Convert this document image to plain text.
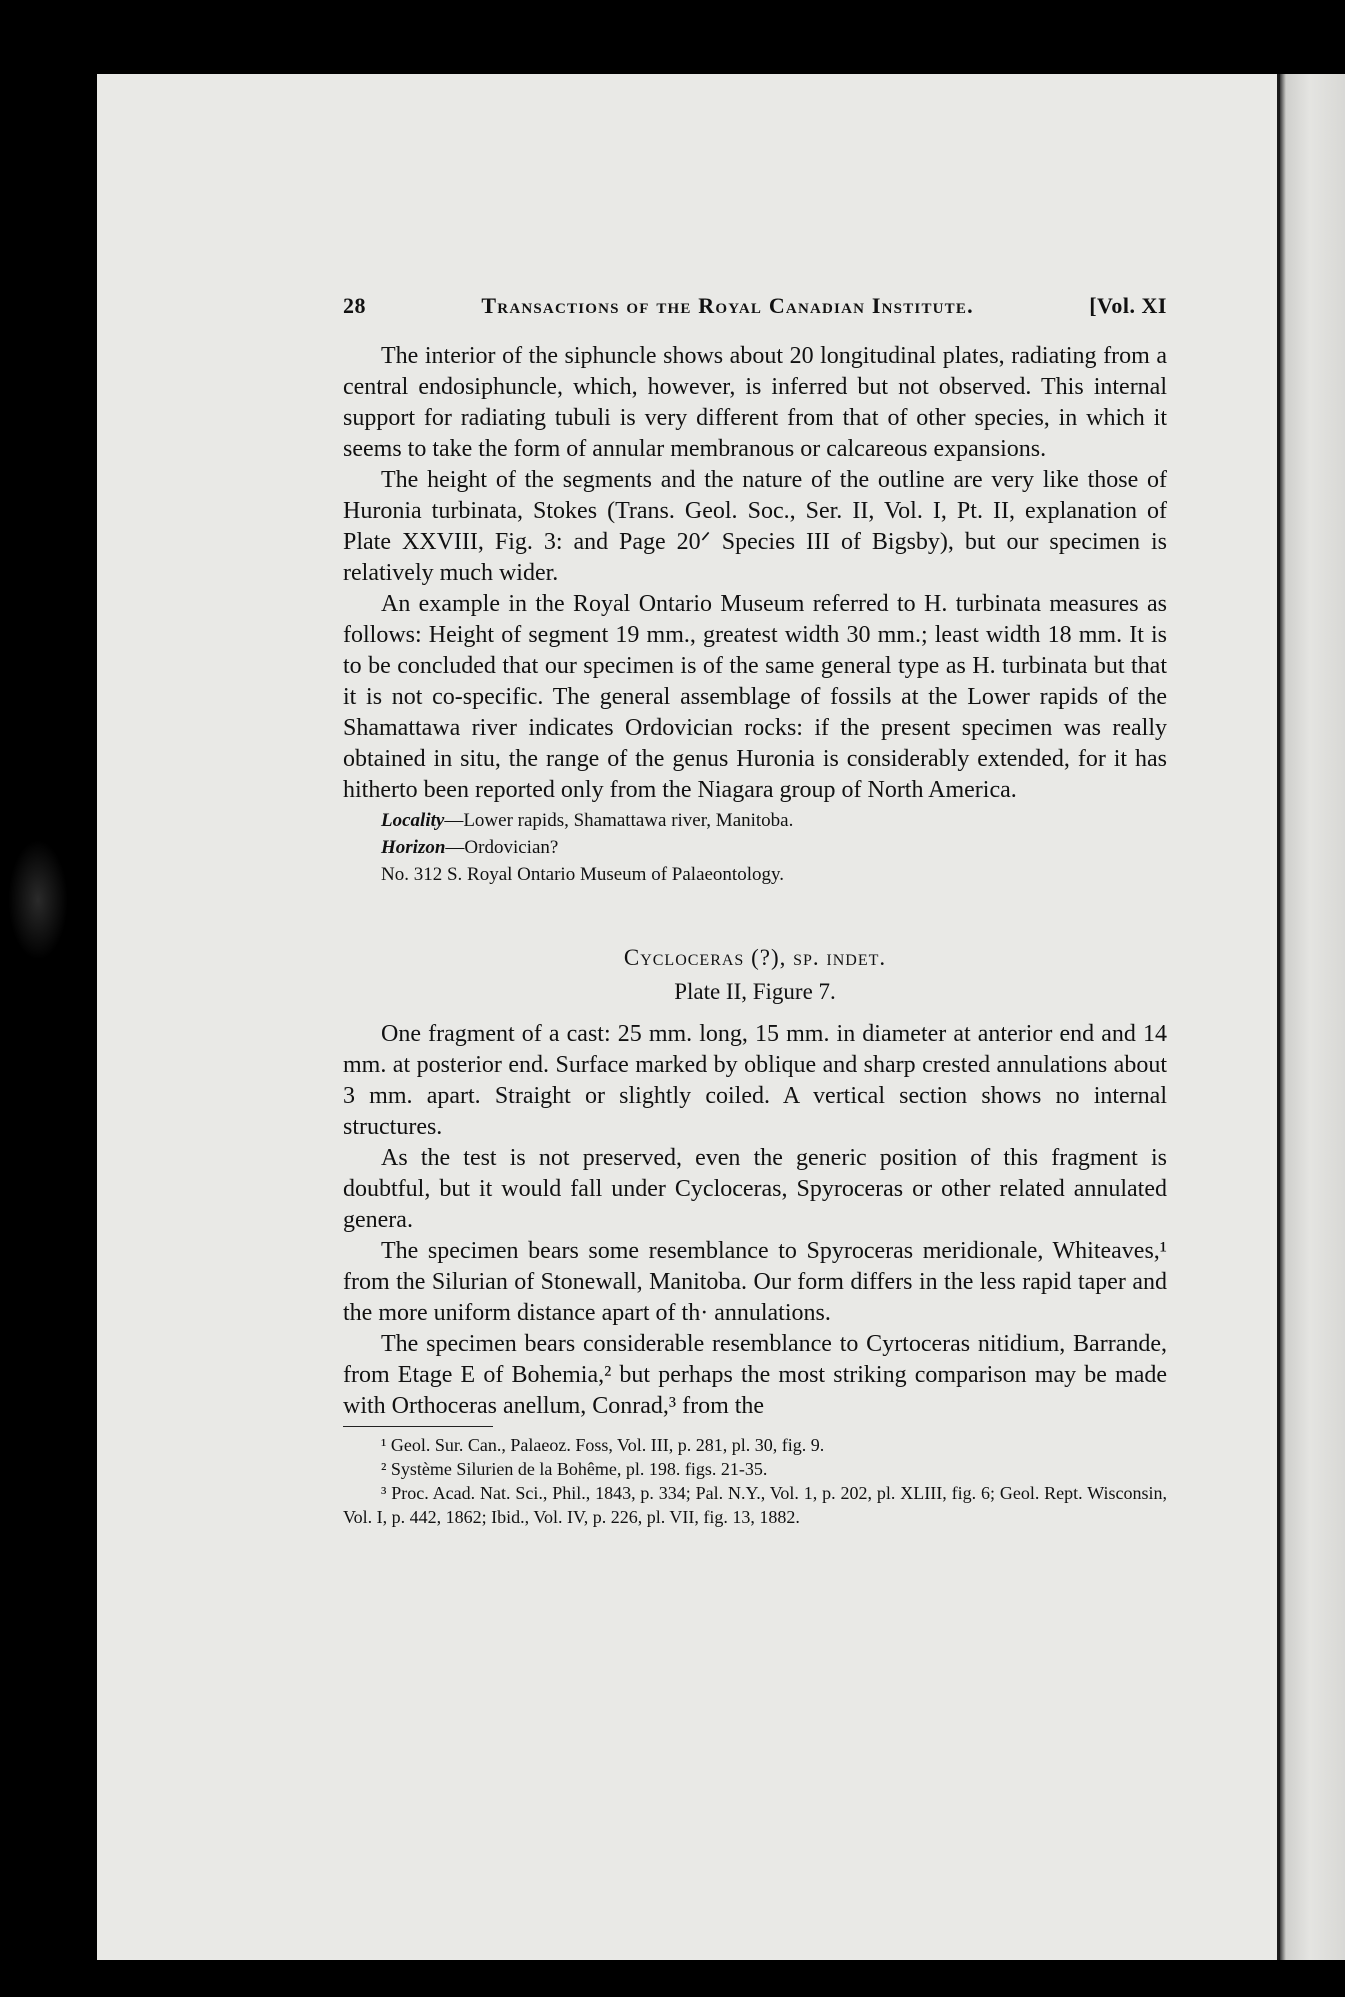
28	Transactions of the Royal Canadian Institute.	[Vol. XI

The interior of the siphuncle shows about 20 longitudinal plates, radiating from a central endosiphuncle, which, however, is inferred but not observed. This internal support for radiating tubuli is very different from that of other species, in which it seems to take the form of annular membranous or calcareous expansions.

The height of the segments and the nature of the outline are very like those of Huronia turbinata, Stokes (Trans. Geol. Soc., Ser. II, Vol. I, Pt. II, explanation of Plate XXVIII, Fig. 3: and Page 20ᐟ Species III of Bigsby), but our specimen is relatively much wider.

An example in the Royal Ontario Museum referred to H. turbinata measures as follows: Height of segment 19 mm., greatest width 30 mm.; least width 18 mm. It is to be concluded that our specimen is of the same general type as H. turbinata but that it is not co-specific. The general assemblage of fossils at the Lower rapids of the Shamattawa river indicates Ordovician rocks: if the present specimen was really obtained in situ, the range of the genus Huronia is considerably extended, for it has hitherto been reported only from the Niagara group of North America.

Locality—Lower rapids, Shamattawa river, Manitoba.
Horizon—Ordovician?
No. 312 S. Royal Ontario Museum of Palaeontology.
Cycloceras (?), sp. indet.
Plate II, Figure 7.

One fragment of a cast: 25 mm. long, 15 mm. in diameter at anterior end and 14 mm. at posterior end. Surface marked by oblique and sharp crested annulations about 3 mm. apart. Straight or slightly coiled. A vertical section shows no internal structures.

As the test is not preserved, even the generic position of this fragment is doubtful, but it would fall under Cycloceras, Spyroceras or other related annulated genera.

The specimen bears some resemblance to Spyroceras meridionale, Whiteaves,¹ from the Silurian of Stonewall, Manitoba. Our form differs in the less rapid taper and the more uniform distance apart of th· annulations.

The specimen bears considerable resemblance to Cyrtoceras nitidium, Barrande, from Etage E of Bohemia,² but perhaps the most striking comparison may be made with Orthoceras anellum, Conrad,³ from the

¹ Geol. Sur. Can., Palaeoz. Foss, Vol. III, p. 281, pl. 30, fig. 9.

² Système Silurien de la Bohême, pl. 198. figs. 21-35.

³ Proc. Acad. Nat. Sci., Phil., 1843, p. 334; Pal. N.Y., Vol. 1, p. 202, pl. XLIII, fig. 6; Geol. Rept. Wisconsin, Vol. I, p. 442, 1862; Ibid., Vol. IV, p. 226, pl. VII, fig. 13, 1882.
